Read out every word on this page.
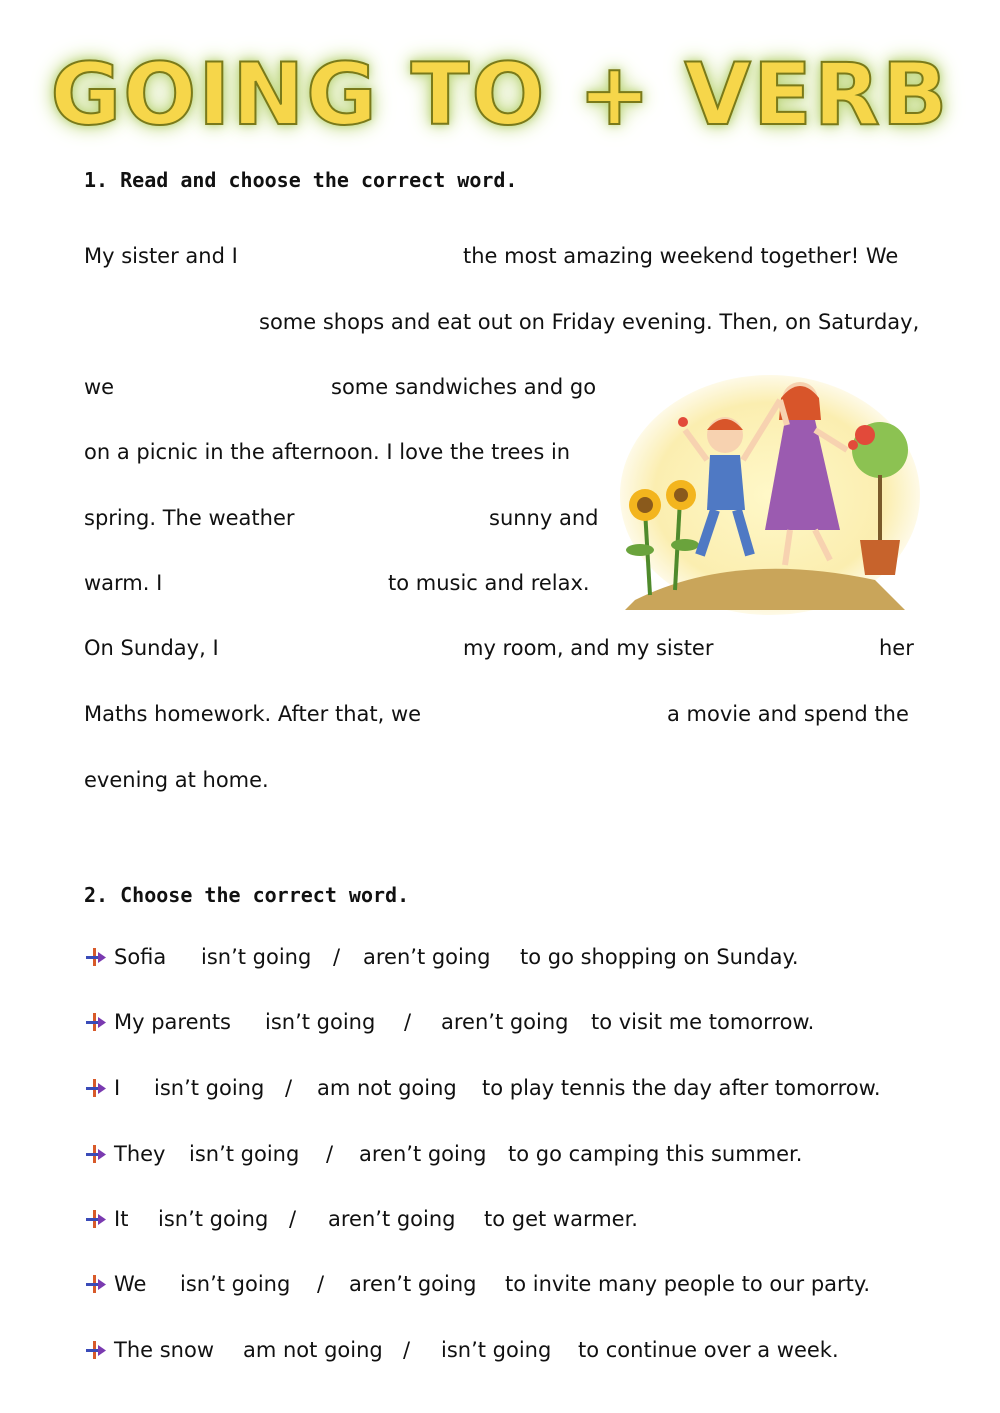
GOING TO + VERB
1. Read and choose the correct word.
My sister and I	the most amazing weekend together! We
some shops and eat out on Friday evening. Then, on Saturday,
we	some sandwiches and go
on a picnic in the afternoon. I love the trees in
spring. The weather	sunny and
warm. I	to music and relax.
On Sunday, I	my room, and my sister	her
Maths homework. After that, we	a movie and spend the
evening at home.
2. Choose the correct word.
Sofia isn’t going / aren’t going to go shopping on Sunday.
My parents isn’t going / aren’t going to visit me tomorrow.
I isn’t going / am not going to play tennis the day after tomorrow.
They isn’t going / aren’t going to go camping this summer.
It isn’t going / aren’t going to get warmer.
We isn’t going / aren’t going to invite many people to our party.
The snow am not going / isn’t going to continue over a week.
